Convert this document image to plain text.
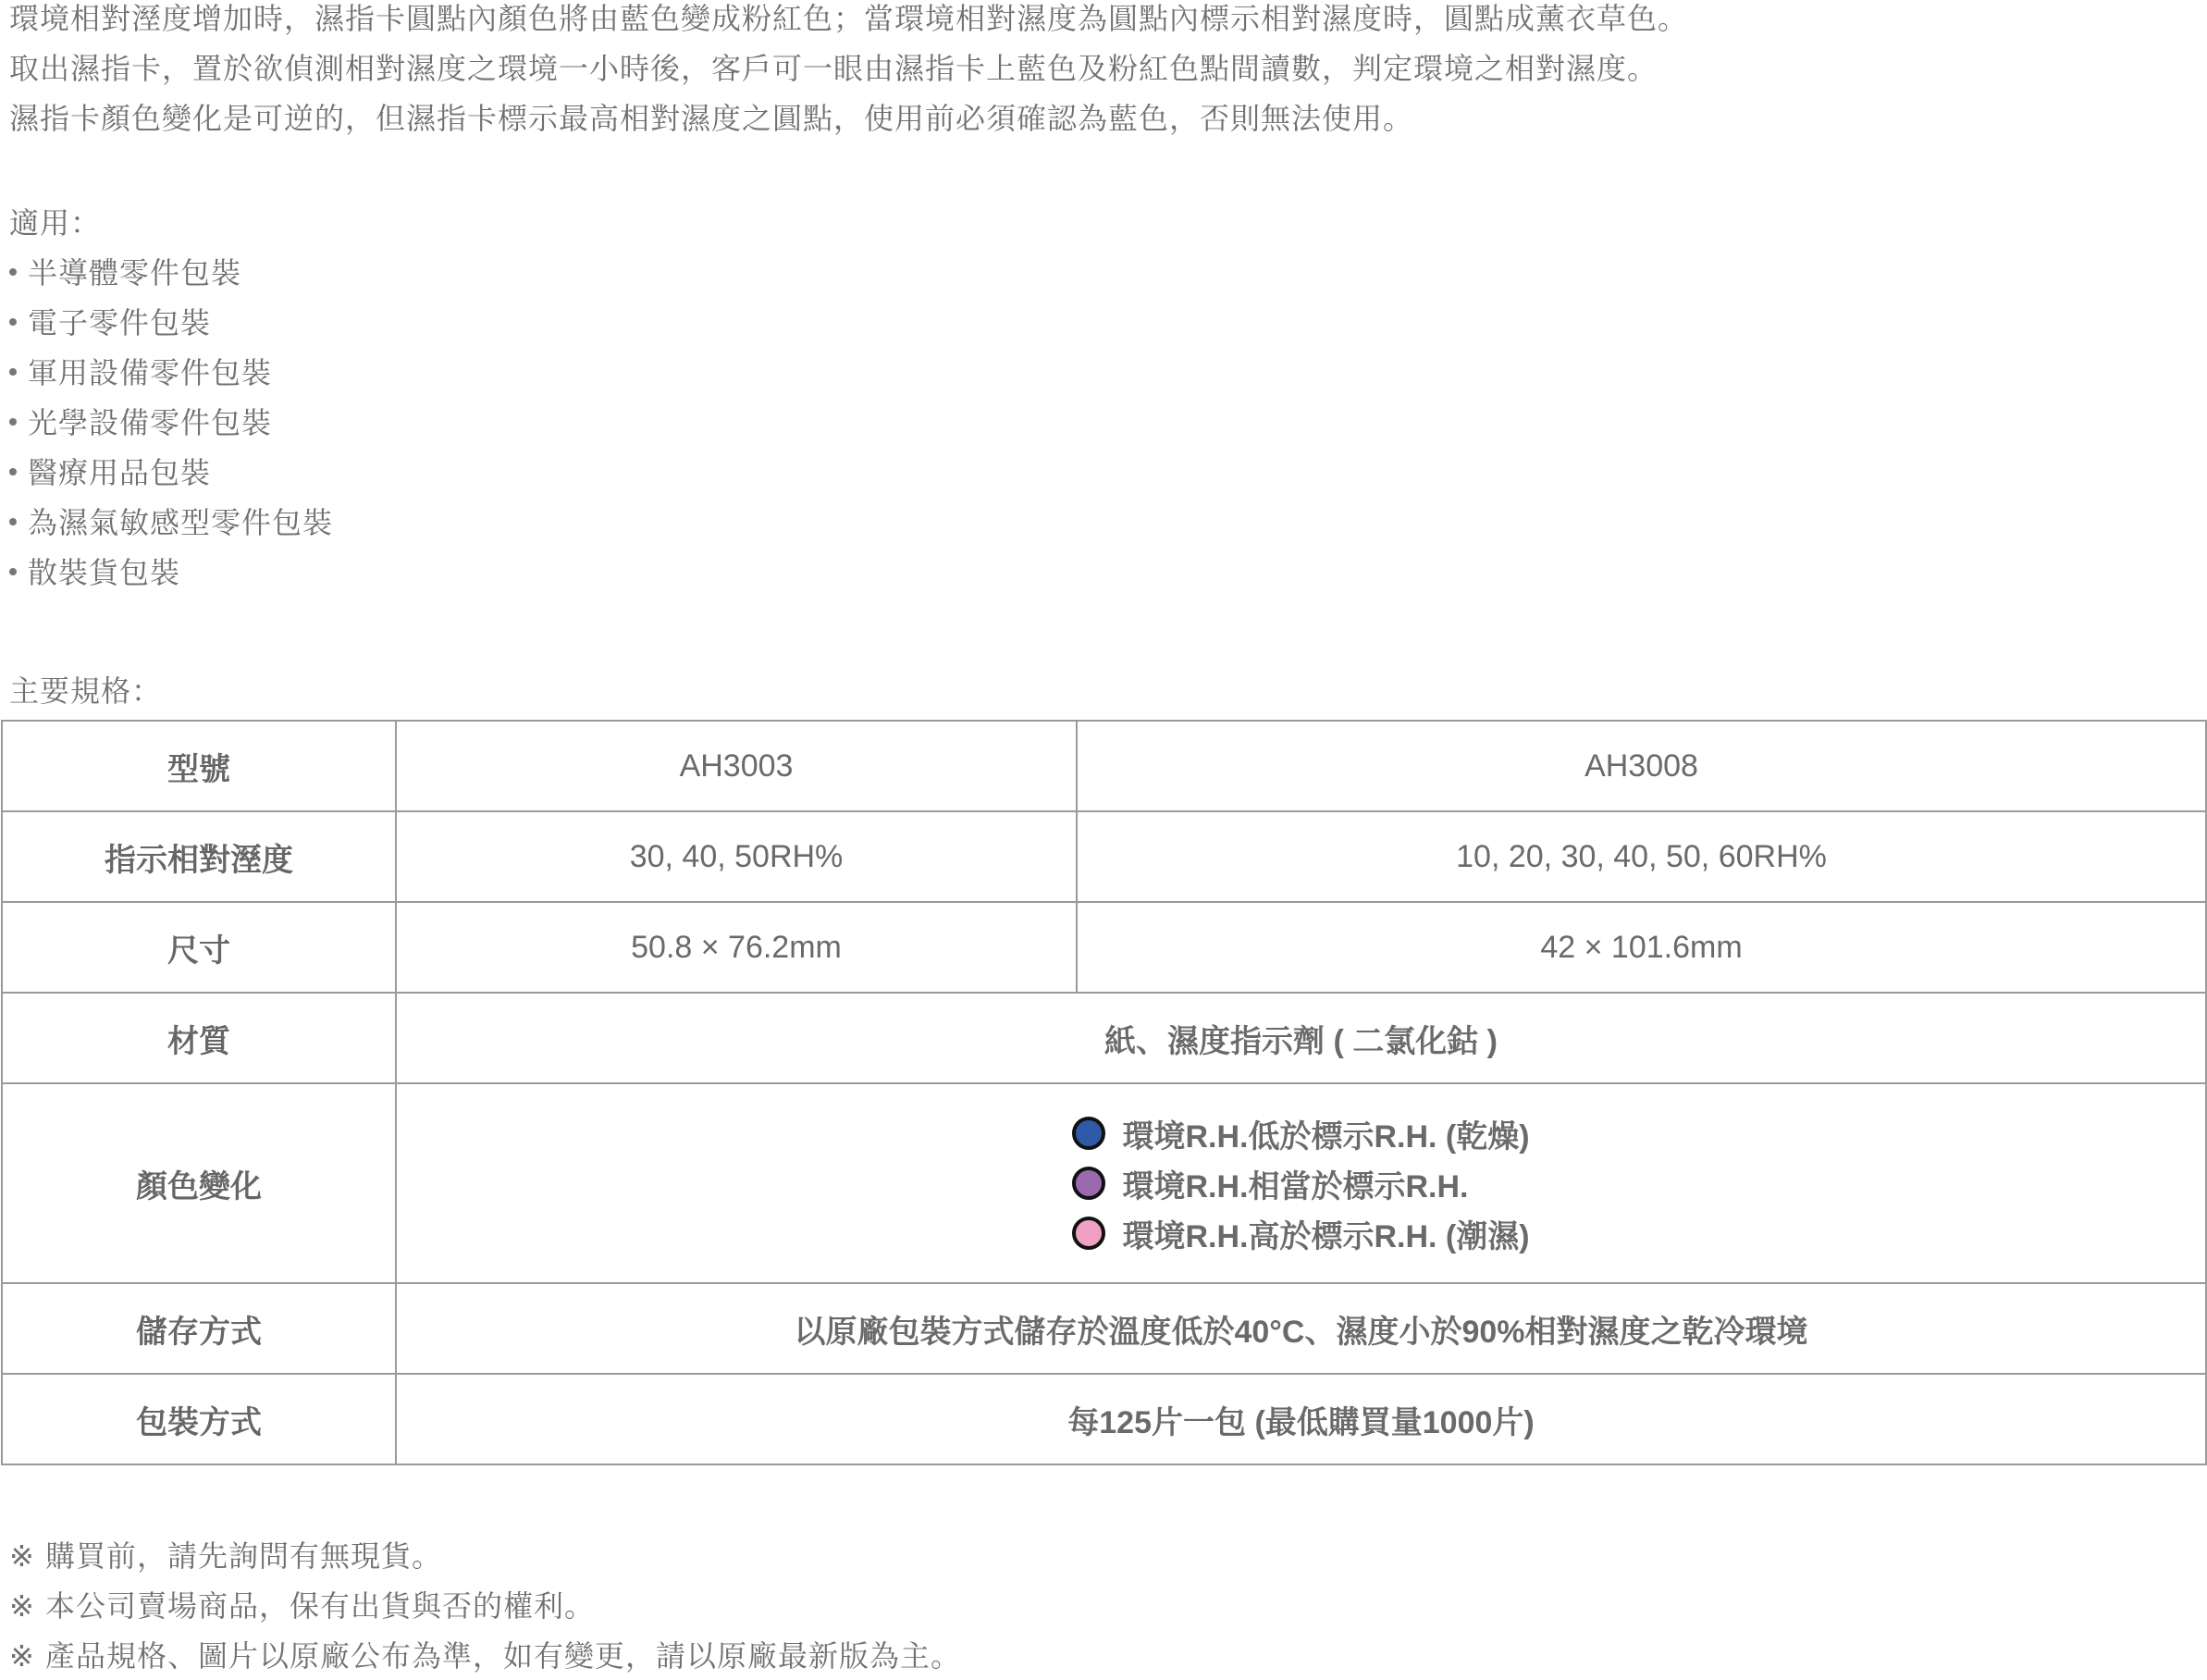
環境相對溼度增加時，濕指卡圓點內顏色將由藍色變成粉紅色；當環境相對濕度為圓點內標示相對濕度時，圓點成薰衣草色。
取出濕指卡，置於欲偵測相對濕度之環境一小時後，客戶可一眼由濕指卡上藍色及粉紅色點間讀數，判定環境之相對濕度。
濕指卡顏色變化是可逆的，但濕指卡標示最高相對濕度之圓點，使用前必須確認為藍色，否則無法使用。
適用：
半導體零件包裝
電子零件包裝
軍用設備零件包裝
光學設備零件包裝
醫療用品包裝
為濕氣敏感型零件包裝
散裝貨包裝
主要規格：
型號	AH3003	AH3008
指示相對溼度	30, 40, 50RH%	10, 20, 30, 40, 50, 60RH%
尺寸	50.8 × 76.2mm	42 × 101.6mm
材質	紙、濕度指示劑 ( 二氯化鈷 )	
顏色變化	環境R.H.低於標示R.H. (乾燥)
環境R.H.相當於標示R.H.
環境R.H.高於標示R.H. (潮濕)	

儲存方式	以原廠包裝方式儲存於溫度低於40°C、濕度小於90%相對濕度之乾冷環境	
包裝方式	每125片一包 (最低購買量1000片)	
※ 購買前，請先詢問有無現貨。
※ 本公司賣場商品，保有出貨與否的權利。
※ 產品規格、圖片以原廠公布為準，如有變更，請以原廠最新版為主。
